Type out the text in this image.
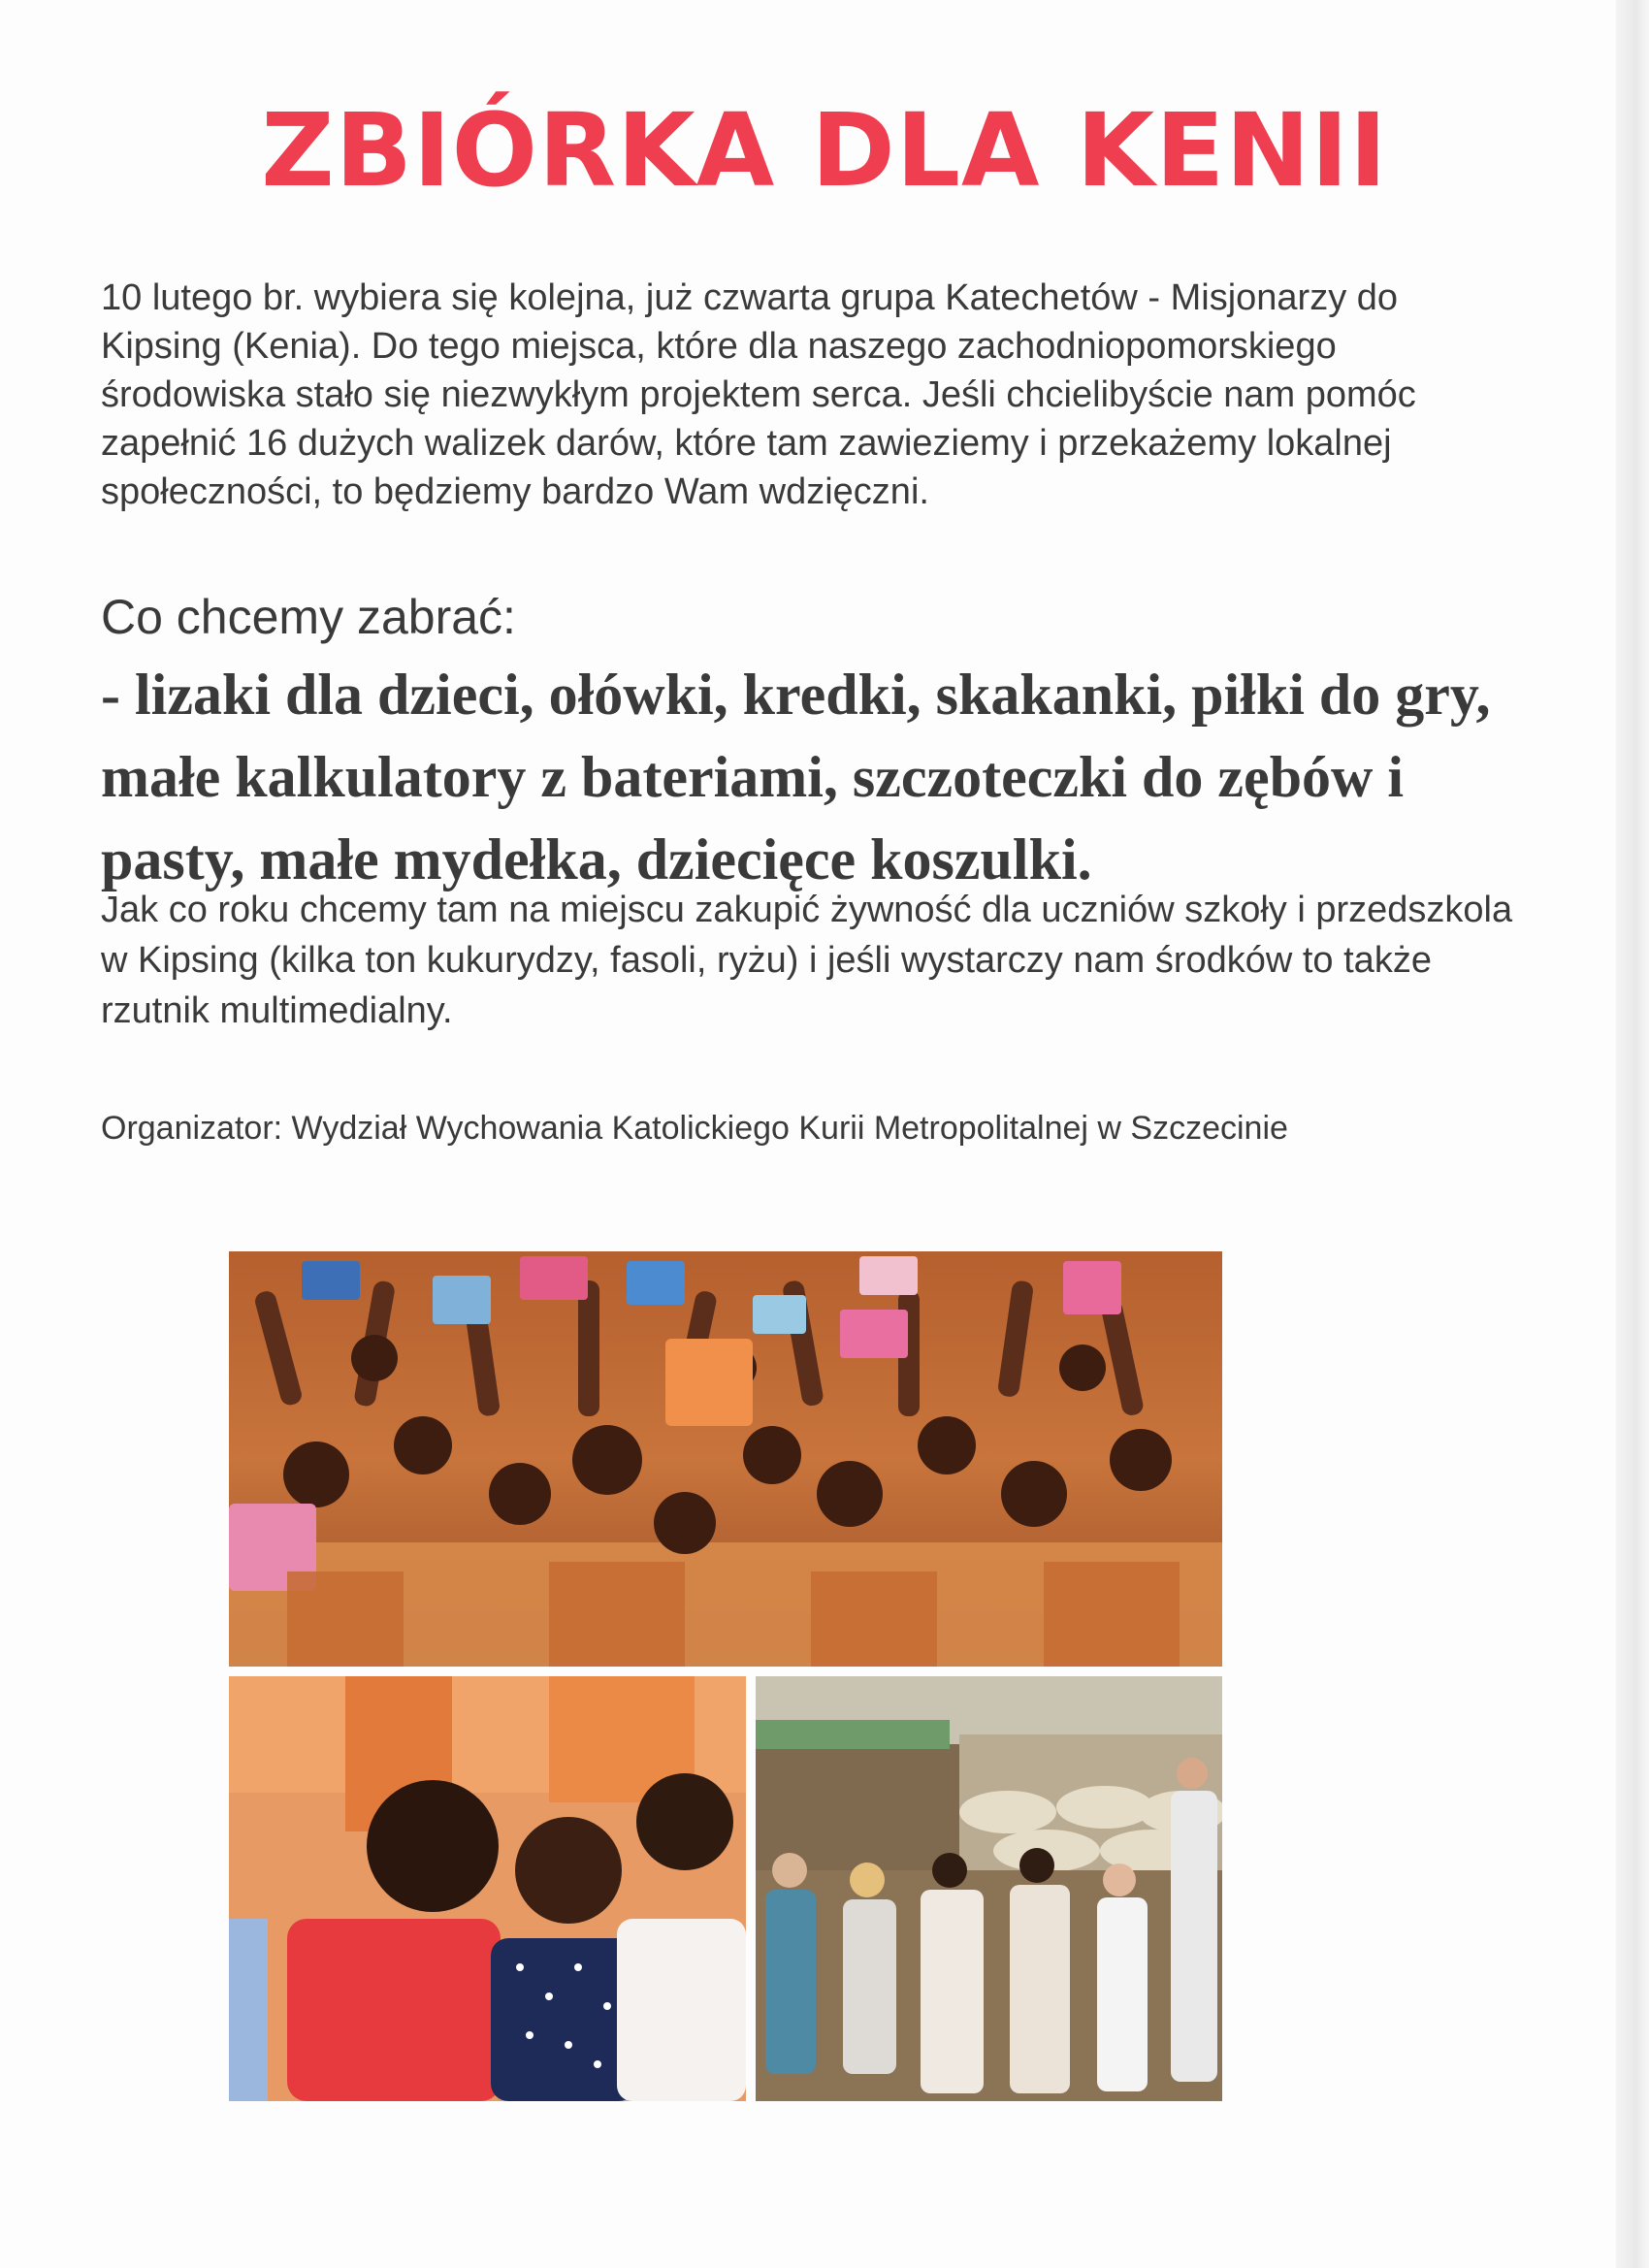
ZBIÓRKA DLA KENII

10 lutego br. wybiera się kolejna, już czwarta grupa Katechetów - Misjonarzy do Kipsing (Kenia). Do tego miejsca, które dla naszego zachodniopomorskiego środowiska stało się niezwykłym projektem serca. Jeśli chcielibyście nam pomóc zapełnić 16 dużych walizek darów, które tam zawieziemy i przekażemy lokalnej społeczności, to będziemy bardzo Wam wdzięczni.

Co chcemy zabrać:

- lizaki dla dzieci, ołówki, kredki, skakanki, piłki do gry, małe kalkulatory z bateriami, szczoteczki do zębów i pasty, małe mydełka, dziecięce koszulki.

Jak co roku chcemy tam na miejscu zakupić żywność dla uczniów szkoły i przedszkola w Kipsing (kilka ton kukurydzy, fasoli, ryżu) i jeśli wystarczy nam środków to także rzutnik multimedialny.

Organizator: Wydział Wychowania Katolickiego Kurii Metropolitalnej w Szczecinie
